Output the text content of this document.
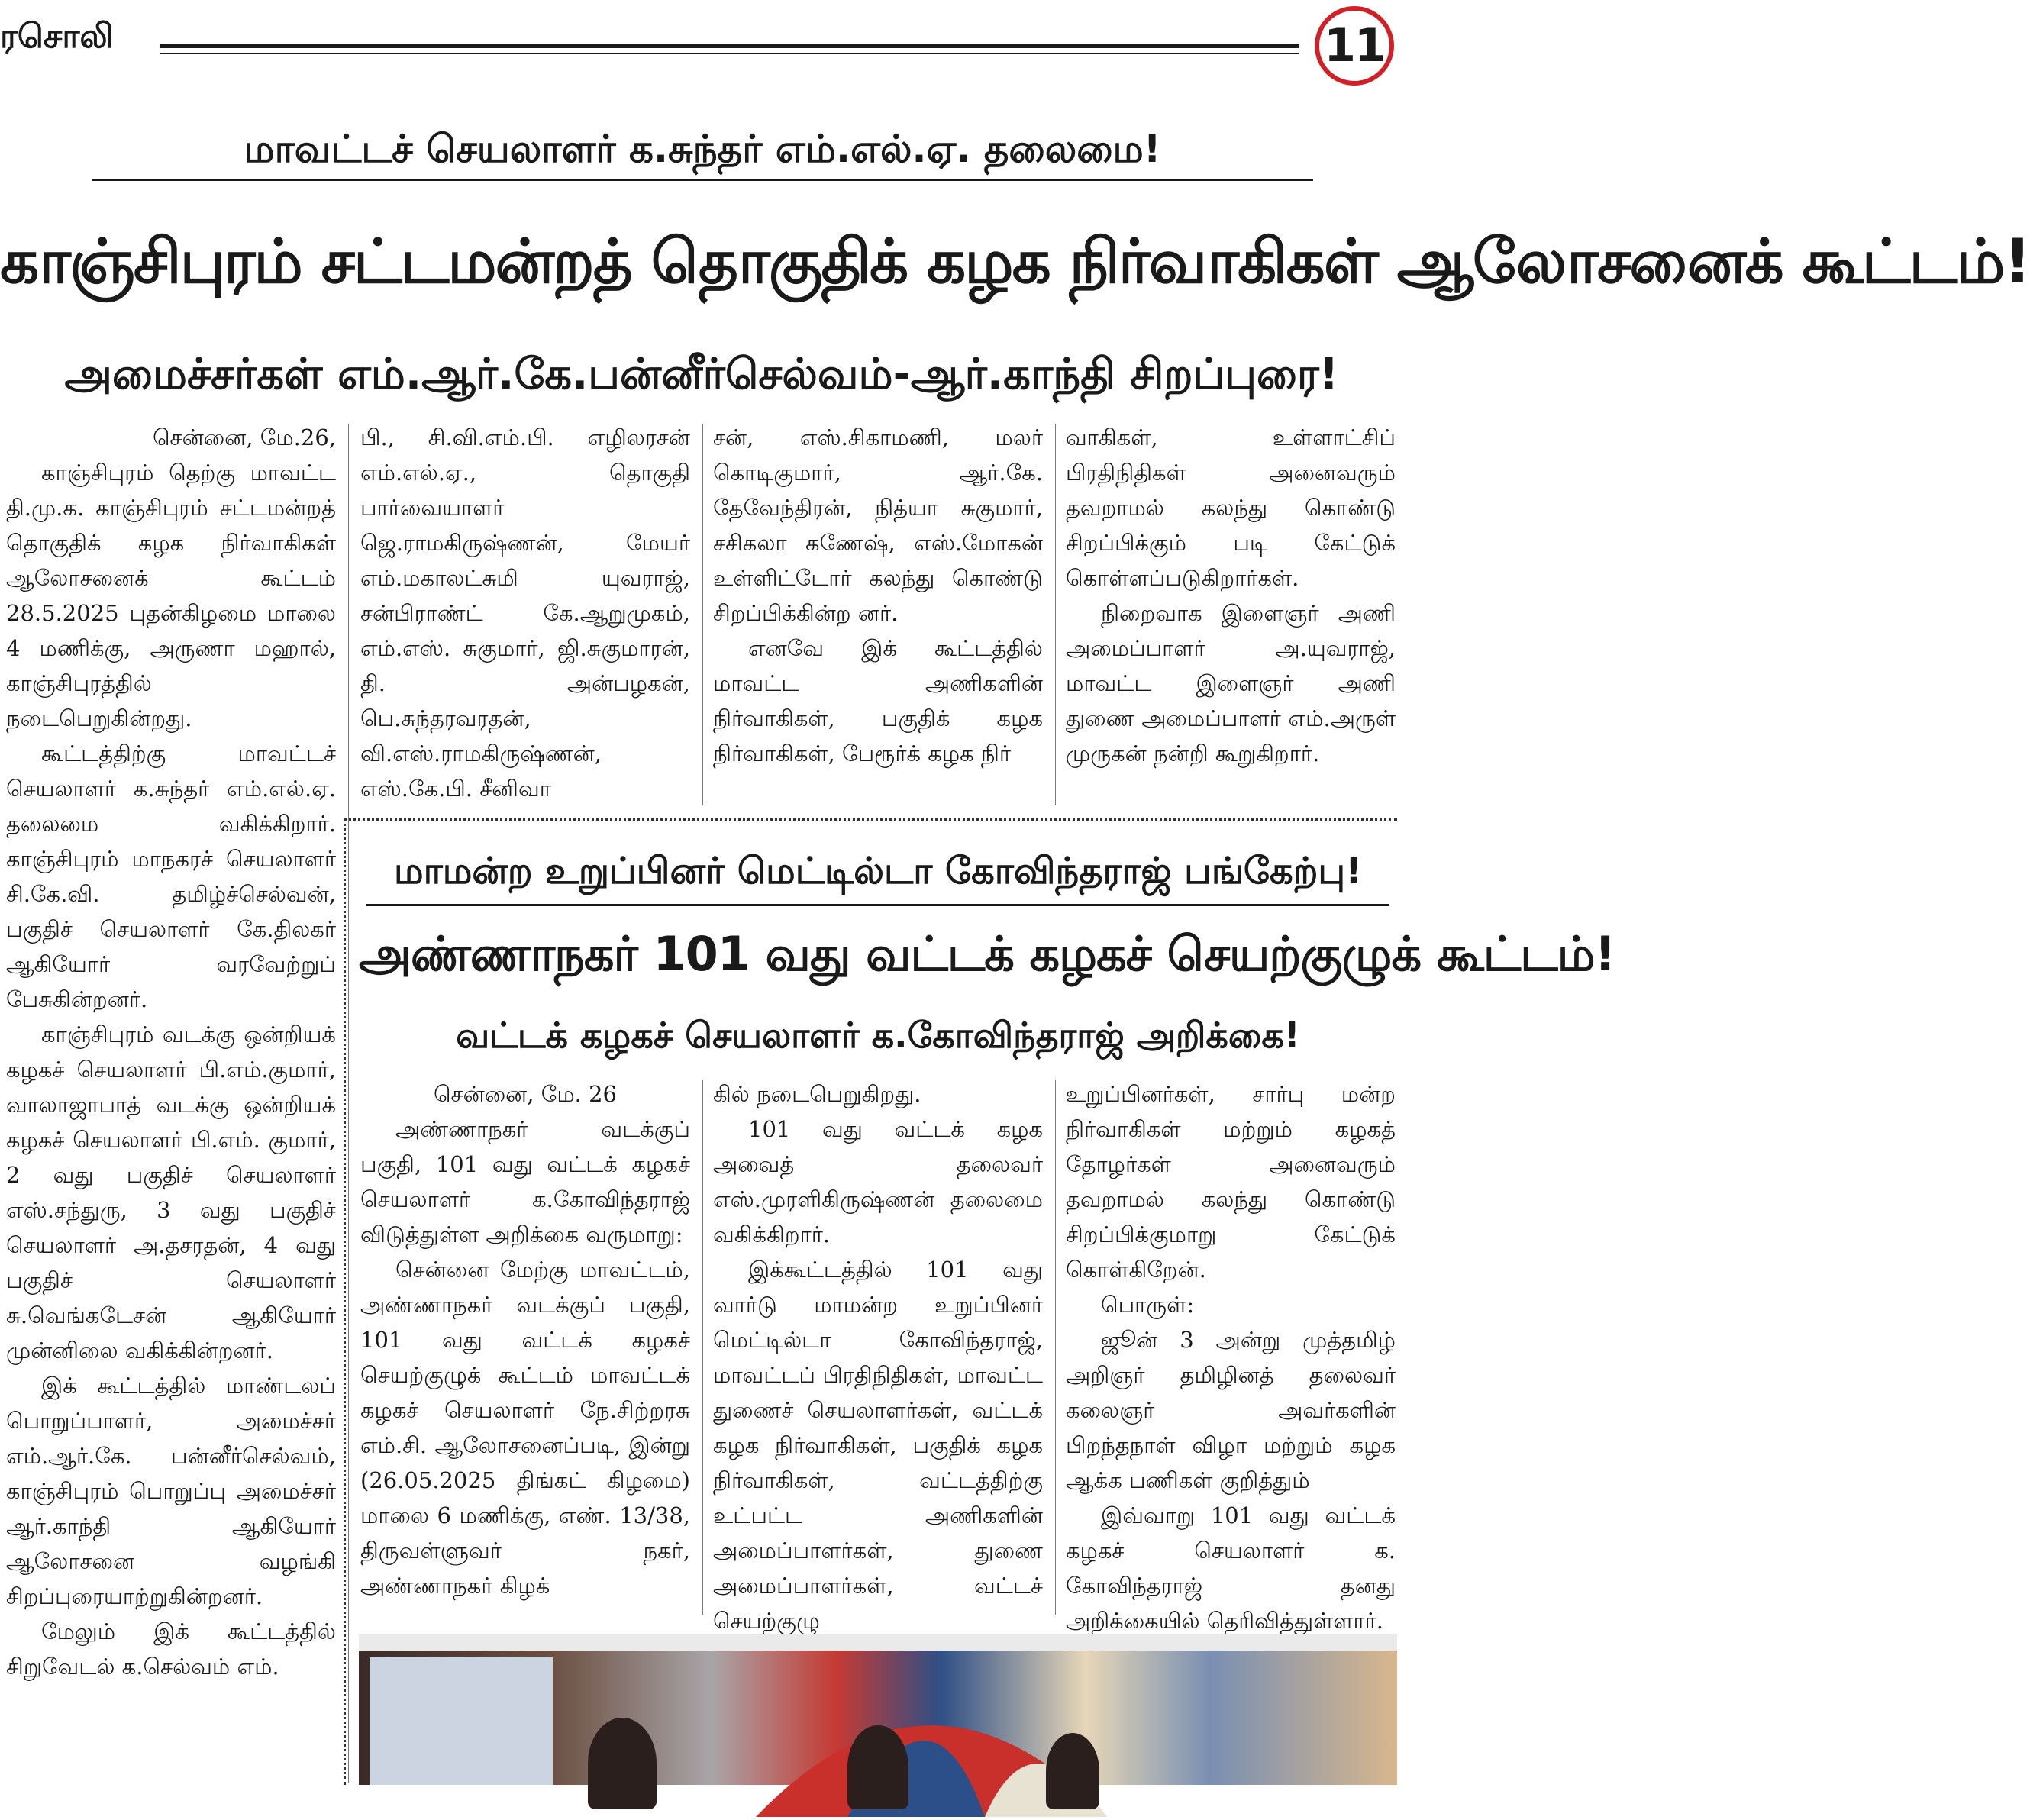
ரசொலி	11
மாவட்டச் செயலாளர் க.சுந்தர் எம்.எல்.ஏ. தலைமை!
காஞ்சிபுரம் சட்டமன்றத் தொகுதிக் கழக நிர்வாகிகள் ஆலோசனைக் கூட்டம்!
அமைச்சர்கள் எம்.ஆர்.கே.பன்னீர்செல்வம்-ஆர்.காந்தி சிறப்புரை!

சென்னை, மே.26,

காஞ்சிபுரம் தெற்கு மாவட்ட தி.மு.க. காஞ்சிபுரம் சட்டமன்றத் தொகுதிக் கழக நிர்வாகிகள் ஆலோசனைக் கூட்டம் 28.5.2025 புதன்கிழமை மாலை 4 மணிக்கு, அருணா மஹால், காஞ்சிபுரத்தில் நடைபெறுகின்றது.

கூட்டத்திற்கு மாவட்டச் செயலாளர் க.சுந்தர் எம்.எல்.ஏ. தலைமை வகிக்கிறார். காஞ்சிபுரம் மாநகரச் செயலாளர் சி.கே.வி. தமிழ்ச்செல்வன், பகுதிச் செயலாளர் கே.திலகர் ஆகியோர் வரவேற்றுப் பேசுகின்றனர்.

காஞ்சிபுரம் வடக்கு ஒன்றியக் கழகச் செயலாளர் பி.எம்.குமார், வாலாஜாபாத் வடக்கு ஒன்றியக் கழகச் செயலாளர் பி.எம். குமார், 2 வது பகுதிச் செயலாளர் எஸ்.சந்துரு, 3 வது பகுதிச் செயலாளர் அ.தசரதன், 4 வது பகுதிச் செயலாளர் சு.வெங்கடேசன் ஆகியோர் முன்னிலை வகிக்கின்றனர்.

இக் கூட்டத்தில் மாண்டலப் பொறுப்பாளர், அமைச்சர் எம்.ஆர்.கே. பன்னீர்செல்வம், காஞ்சிபுரம் பொறுப்பு அமைச்சர் ஆர்.காந்தி ஆகியோர் ஆலோசனை வழங்கி சிறப்புரையாற்றுகின்றனர்.

மேலும் இக் கூட்டத்தில் சிறுவேடல் க.செல்வம் எம்.

பி., சி.வி.எம்.பி. எழிலரசன் எம்.எல்.ஏ., தொகுதி பார்வையாளர் ஜெ.ராமகிருஷ்ணன், மேயர் எம்.மகாலட்சுமி யுவராஜ், சன்பிராண்ட் கே.ஆறுமுகம், எம்.எஸ். சுகுமார், ஜி.சுகுமாரன், தி. அன்பழகன், பெ.சுந்தரவரதன், வி.எஸ்.ராமகிருஷ்ணன், எஸ்.கே.பி. சீனிவா

சன், எஸ்.சிகாமணி, மலர் கொடிகுமார், ஆர்.கே. தேவேந்திரன், நித்யா சுகுமார், சசிகலா கணேஷ், எஸ்.மோகன் உள்ளிட்டோர் கலந்து கொண்டு சிறப்பிக்கின்ற னர்.

எனவே இக் கூட்டத்தில் மாவட்ட அணிகளின் நிர்வாகிகள், பகுதிக் கழக நிர்வாகிகள், பேரூர்க் கழக நிர்

வாகிகள், உள்ளாட்சிப் பிரதிநிதிகள் அனைவரும் தவறாமல் கலந்து கொண்டு சிறப்பிக்கும் படி கேட்டுக் கொள்ளப்படுகிறார்கள்.

நிறைவாக இளைஞர் அணி அமைப்பாளர் அ.யுவராஜ், மாவட்ட இளைஞர் அணி துணை அமைப்பாளர் எம்.அருள் முருகன் நன்றி கூறுகிறார்.

மாமன்ற உறுப்பினர் மெட்டில்டா கோவிந்தராஜ் பங்கேற்பு!
அண்ணாநகர் 101 வது வட்டக் கழகச் செயற்குழுக் கூட்டம்!
வட்டக் கழகச் செயலாளர் க.கோவிந்தராஜ் அறிக்கை!

சென்னை, மே. 26

அண்ணாநகர் வடக்குப் பகுதி, 101 வது வட்டக் கழகச் செயலாளர் க.கோவிந்தராஜ் விடுத்துள்ள அறிக்கை வருமாறு:

சென்னை மேற்கு மாவட்டம், அண்ணாநகர் வடக்குப் பகுதி, 101 வது வட்டக் கழகச் செயற்குழுக் கூட்டம் மாவட்டக் கழகச் செயலாளர் நே.சிற்றரசு எம்.சி. ஆலோசனைப்படி, இன்று (26.05.2025 திங்கட் கிழமை) மாலை 6 மணிக்கு, எண். 13/38, திருவள்ளுவர் நகர், அண்ணாநகர் கிழக்

கில் நடைபெறுகிறது.

101 வது வட்டக் கழக அவைத் தலைவர் எஸ்.முரளிகிருஷ்ணன் தலைமை வகிக்கிறார்.

இக்கூட்டத்தில் 101 வது வார்டு மாமன்ற உறுப்பினர் மெட்டில்டா கோவிந்தராஜ், மாவட்டப் பிரதிநிதிகள், மாவட்ட துணைச் செயலாளர்கள், வட்டக் கழக நிர்வாகிகள், பகுதிக் கழக நிர்வாகிகள், வட்டத்திற்கு உட்பட்ட அணிகளின் அமைப்பாளர்கள், துணை அமைப்பாளர்கள், வட்டச் செயற்குழு

உறுப்பினர்கள், சார்பு மன்ற நிர்வாகிகள் மற்றும் கழகத் தோழர்கள் அனைவரும் தவறாமல் கலந்து கொண்டு சிறப்பிக்குமாறு கேட்டுக் கொள்கிறேன்.

பொருள்:

ஜூன் 3 அன்று முத்தமிழ் அறிஞர் தமிழினத் தலைவர் கலைஞர் அவர்களின் பிறந்தநாள் விழா மற்றும் கழக ஆக்க பணிகள் குறித்தும்

இவ்வாறு 101 வது வட்டக் கழகச் செயலாளர் க. கோவிந்தராஜ் தனது அறிக்கையில் தெரிவித்துள்ளார்.
